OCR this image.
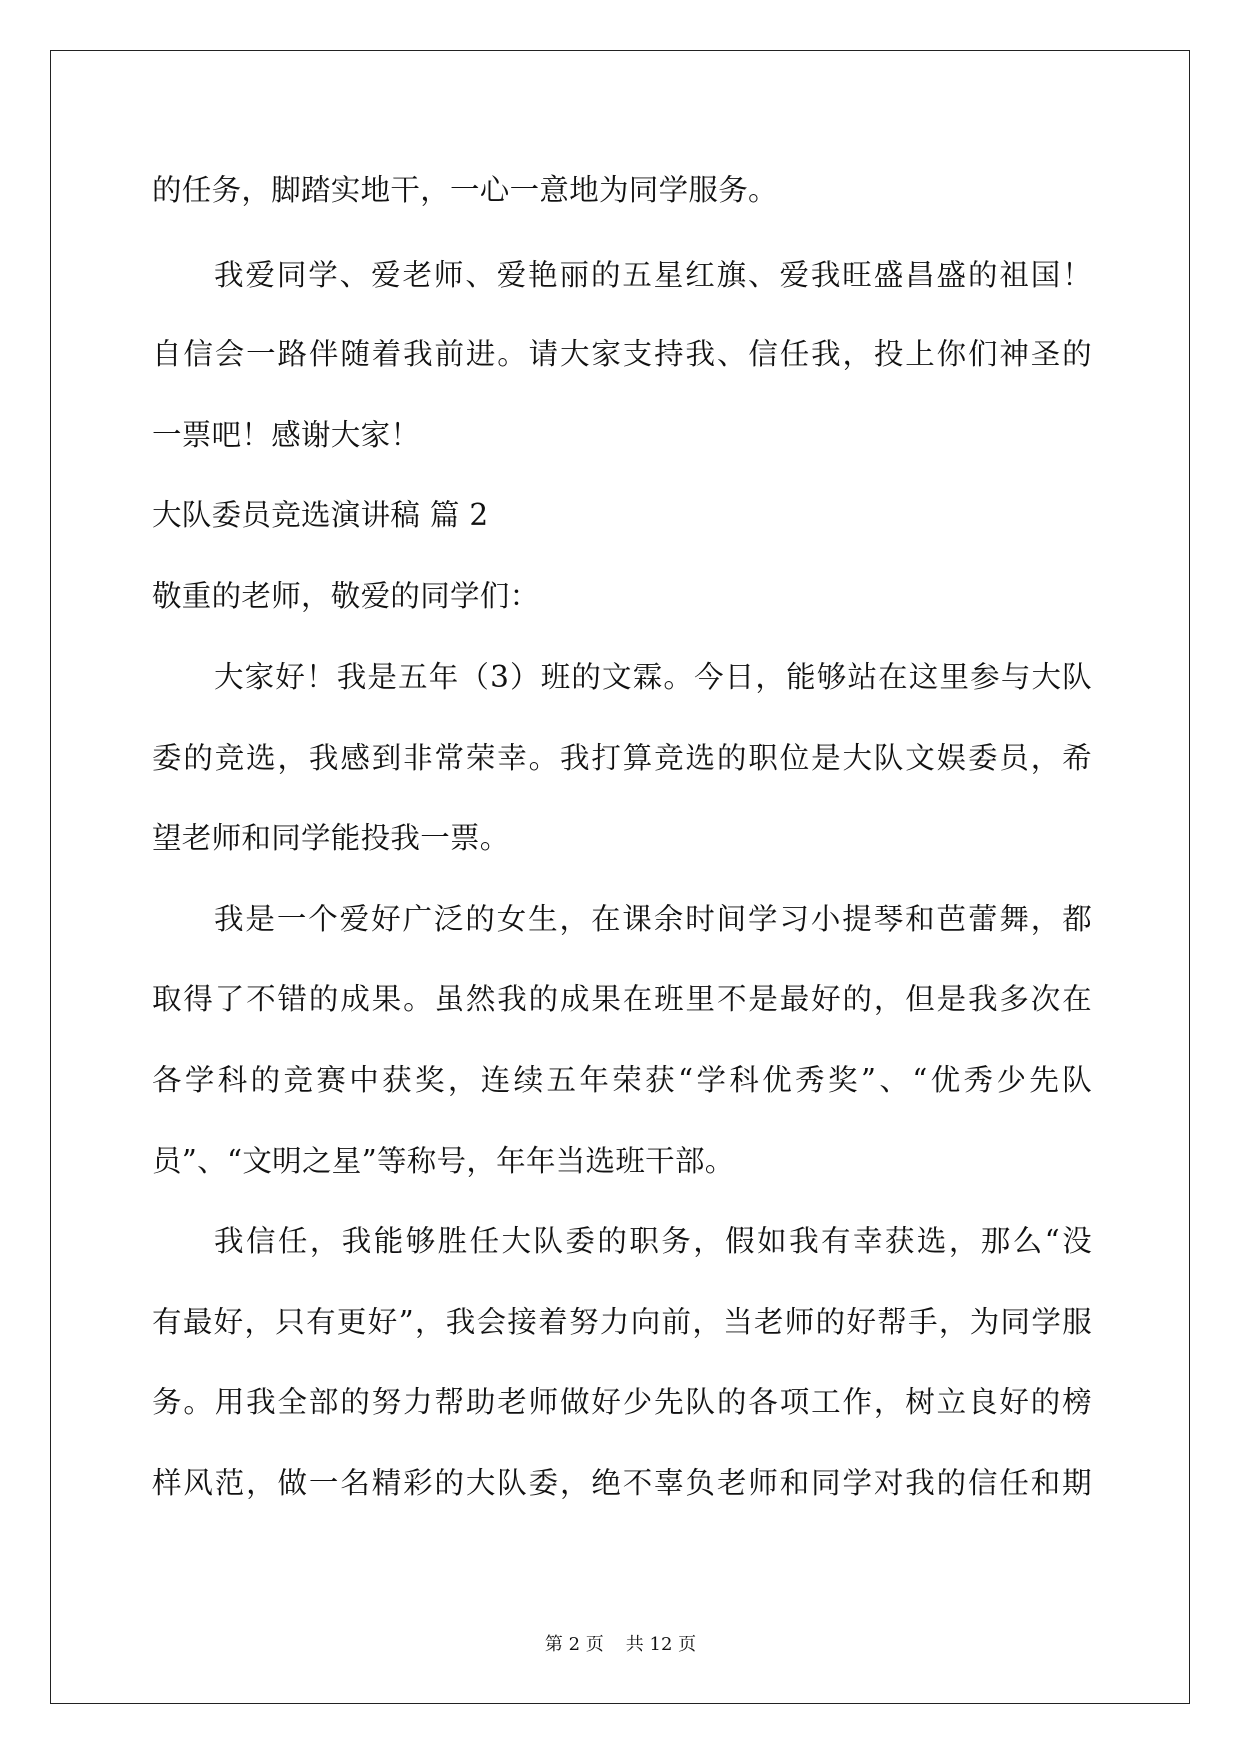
的任务，脚踏实地干，一心一意地为同学服务。
我爱同学、爱老师、爱艳丽的五星红旗、爱我旺盛昌盛的祖国！
自信会一路伴随着我前进。请大家支持我、信任我，投上你们神圣的
一票吧！感谢大家！
大队委员竞选演讲稿 篇 2
敬重的老师，敬爱的同学们：
大家好！我是五年（3）班的文霖。今日，能够站在这里参与大队
委的竞选，我感到非常荣幸。我打算竞选的职位是大队文娱委员，希
望老师和同学能投我一票。
我是一个爱好广泛的女生，在课余时间学习小提琴和芭蕾舞，都
取得了不错的成果。虽然我的成果在班里不是最好的，但是我多次在
各学科的竞赛中获奖，连续五年荣获“学科优秀奖”、“优秀少先队
员”、“文明之星”等称号，年年当选班干部。
我信任，我能够胜任大队委的职务，假如我有幸获选，那么“没
有最好，只有更好”，我会接着努力向前，当老师的好帮手，为同学服
务。用我全部的努力帮助老师做好少先队的各项工作，树立良好的榜
样风范，做一名精彩的大队委，绝不辜负老师和同学对我的信任和期
第 2 页 共 12 页
